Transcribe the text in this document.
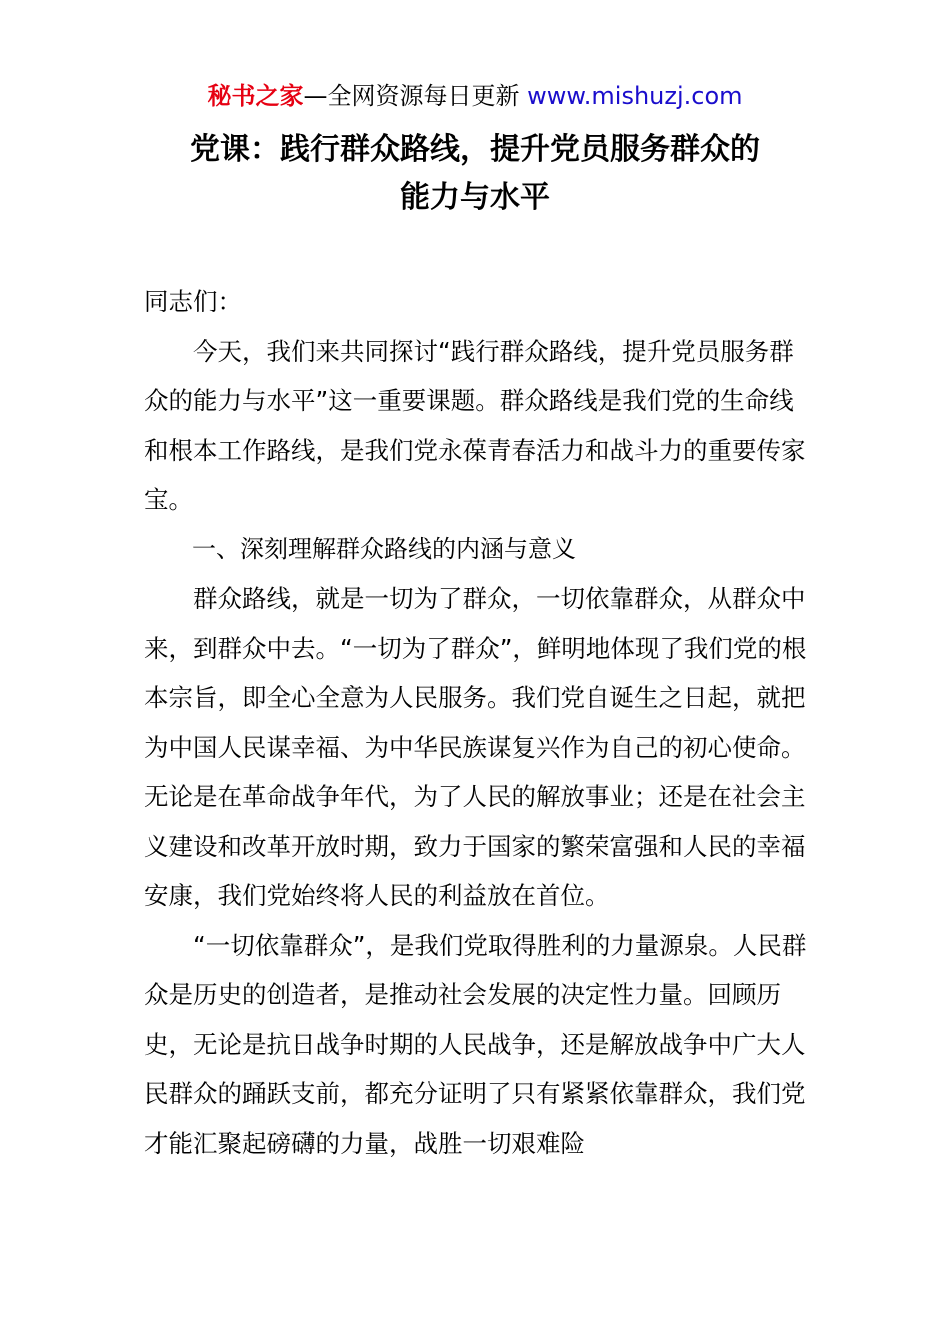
秘书之家—全网资源每日更新 www.mishuzj.com
党课：践行群众路线，提升党员服务群众的
能力与水平

同志们：

今天，我们来共同探讨“践行群众路线，提升党员服务群众的能力与水平”这一重要课题。群众路线是我们党的生命线和根本工作路线，是我们党永葆青春活力和战斗力的重要传家宝。

一、深刻理解群众路线的内涵与意义

群众路线，就是一切为了群众，一切依靠群众，从群众中来，到群众中去。“一切为了群众”，鲜明地体现了我们党的根本宗旨，即全心全意为人民服务。我们党自诞生之日起，就把为中国人民谋幸福、为中华民族谋复兴作为自己的初心使命。无论是在革命战争年代，为了人民的解放事业；还是在社会主义建设和改革开放时期，致力于国家的繁荣富强和人民的幸福安康，我们党始终将人民的利益放在首位。

“一切依靠群众”，是我们党取得胜利的力量源泉。人民群众是历史的创造者，是推动社会发展的决定性力量。回顾历史，无论是抗日战争时期的人民战争，还是解放战争中广大人民群众的踊跃支前，都充分证明了只有紧紧依靠群众，我们党才能汇聚起磅礴的力量，战胜一切艰难险
